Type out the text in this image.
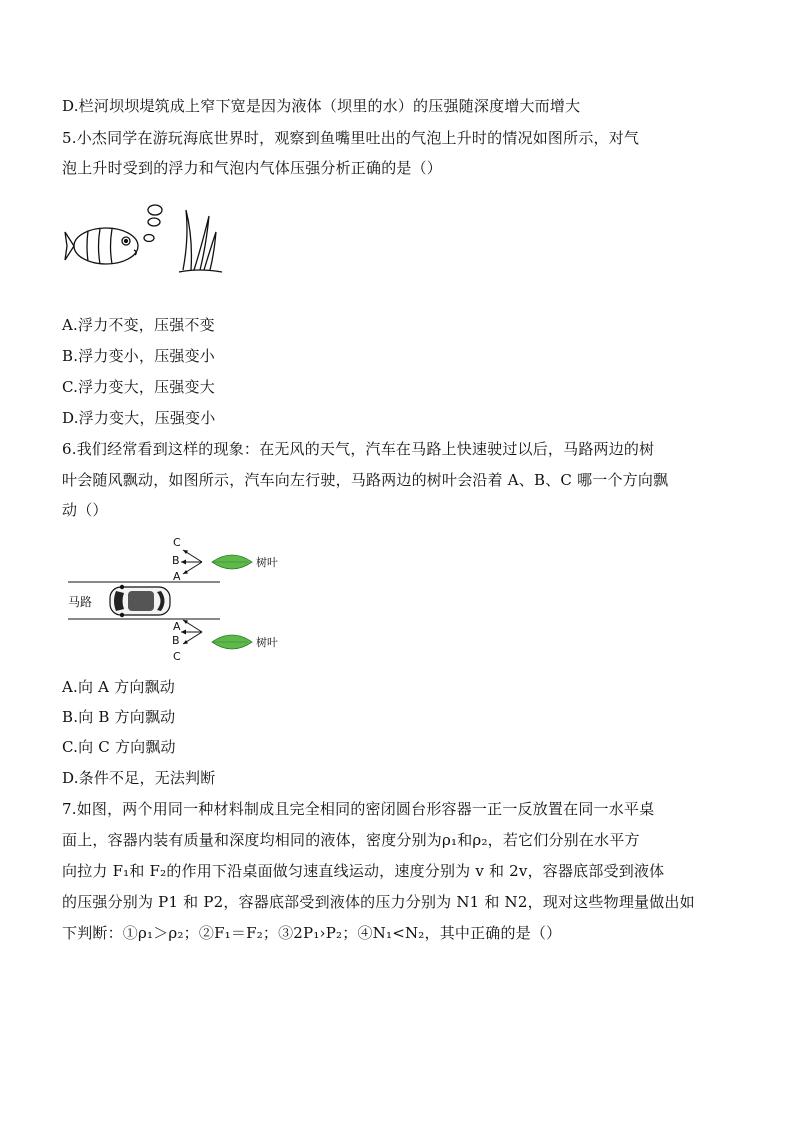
D.栏河坝坝堤筑成上窄下宽是因为液体（坝里的水）的压强随深度增大而增大
5.小杰同学在游玩海底世界时，观察到鱼嘴里吐出的气泡上升时的情况如图所示，对气
泡上升时受到的浮力和气泡内气体压强分析正确的是（）
A.浮力不变，压强不变
B.浮力变小，压强变小
C.浮力变大，压强变大
D.浮力变大，压强变小
6.我们经常看到这样的现象：在无风的天气，汽车在马路上快速驶过以后，马路两边的树
叶会随风飘动，如图所示，汽车向左行驶，马路两边的树叶会沿着 A、B、C 哪一个方向飘
动（）
马路
C
B
A
A
B
C
树叶
树叶
A.向 A 方向飘动
B.向 B 方向飘动
C.向 C 方向飘动
D.条件不足，无法判断
7.如图，两个用同一种材料制成且完全相同的密闭圆台形容器一正一反放置在同一水平桌
面上，容器内装有质量和深度均相同的液体，密度分别为ρ₁和ρ₂，若它们分别在水平方
向拉力 F₁和 F₂的作用下沿桌面做匀速直线运动，速度分别为 v 和 2v，容器底部受到液体
的压强分别为 P1 和 P2，容器底部受到液体的压力分别为 N1 和 N2，现对这些物理量做出如
下判断：①ρ₁＞ρ₂；②F₁＝F₂；③2P₁›P₂；④N₁<N₂，其中正确的是（）
